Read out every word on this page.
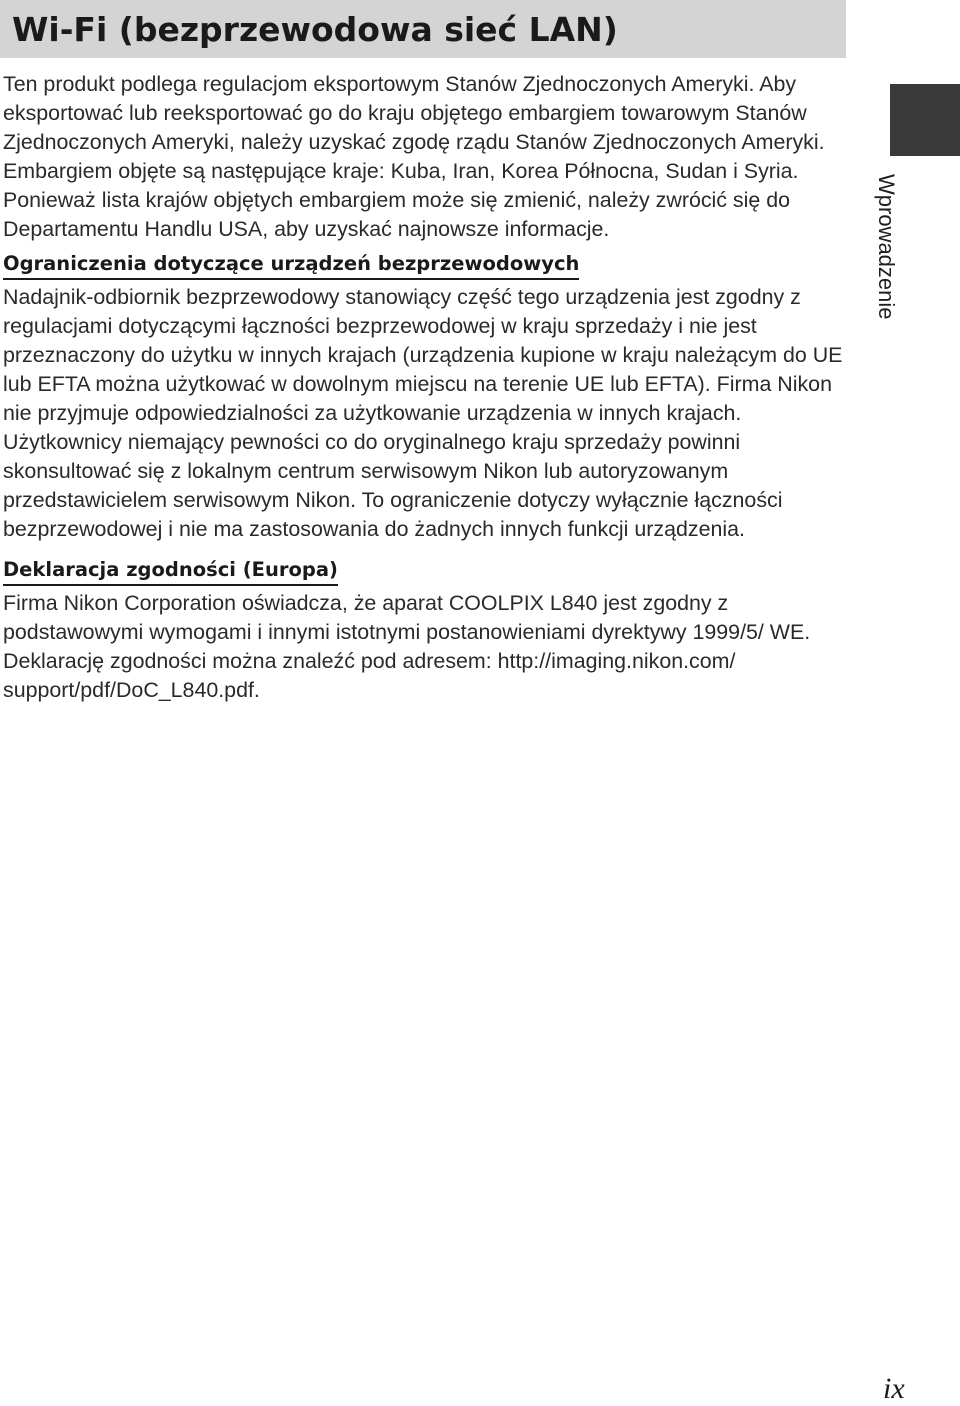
Wi-Fi (bezprzewodowa sieć LAN)

Ten produkt podlega regulacjom eksportowym Stanów Zjednoczonych Ameryki. Aby eksportować lub reeksportować go do kraju objętego embargiem towarowym Stanów Zjednoczonych Ameryki, należy uzyskać zgodę rządu Stanów Zjednoczonych Ameryki. Embargiem objęte są następujące kraje: Kuba, Iran, Korea Północna, Sudan i Syria. Ponieważ lista krajów objętych embargiem może się zmienić, należy zwrócić się do Departamentu Handlu USA, aby uzyskać najnowsze informacje.

Ograniczenia dotyczące urządzeń bezprzewodowych

Nadajnik-odbiornik bezprzewodowy stanowiący część tego urządzenia jest zgodny z regulacjami dotyczącymi łączności bezprzewodowej w kraju sprzedaży i nie jest przeznaczony do użytku w innych krajach (urządzenia kupione w kraju należącym do UE lub EFTA można użytkować w dowolnym miejscu na terenie UE lub EFTA). Firma Nikon nie przyjmuje odpowiedzialności za użytkowanie urządzenia w innych krajach. Użytkownicy niemający pewności co do oryginalnego kraju sprzedaży powinni skonsultować się z lokalnym centrum serwisowym Nikon lub autoryzowanym przedstawicielem serwisowym Nikon. To ograniczenie dotyczy wyłącznie łączności bezprzewodowej i nie ma zastosowania do żadnych innych funkcji urządzenia.

Deklaracja zgodności (Europa)

Firma Nikon Corporation oświadcza, że aparat COOLPIX L840 jest zgodny z podstawowymi wymogami i innymi istotnymi postanowieniami dyrektywy 1999/5/ WE. Deklarację zgodności można znaleźć pod adresem: http://imaging.nikon.com/ support/pdf/DoC_L840.pdf.

Wprowadzenie
ix
